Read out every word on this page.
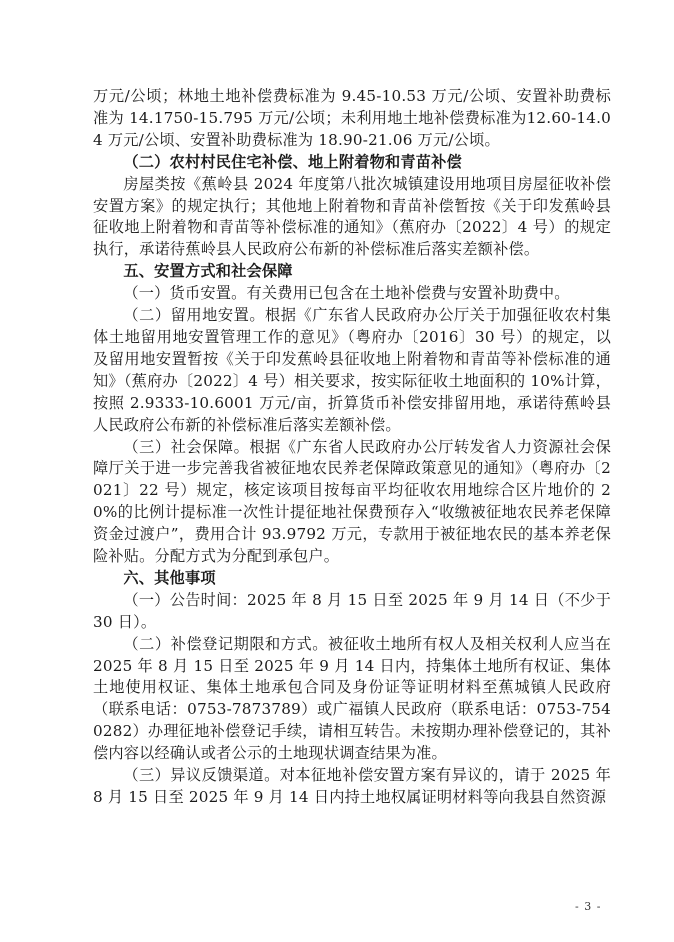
万元/公顷；林地土地补偿费标准为 9.45-10.53 万元/公顷、安置补助费标准为 14.1750-15.795 万元/公顷；未利用地土地补偿费标准为12.60-14.04 万元/公顷、安置补助费标准为 18.90-21.06 万元/公顷。

（二）农村村民住宅补偿、地上附着物和青苗补偿

房屋类按《蕉岭县 2024 年度第八批次城镇建设用地项目房屋征收补偿安置方案》的规定执行；其他地上附着物和青苗补偿暂按《关于印发蕉岭县征收地上附着物和青苗等补偿标准的通知》（蕉府办〔2022〕4 号）的规定执行，承诺待蕉岭县人民政府公布新的补偿标准后落实差额补偿。

五、安置方式和社会保障

（一）货币安置。有关费用已包含在土地补偿费与安置补助费中。

（二）留用地安置。根据《广东省人民政府办公厅关于加强征收农村集体土地留用地安置管理工作的意见》（粤府办〔2016〕30 号）的规定，以及留用地安置暂按《关于印发蕉岭县征收地上附着物和青苗等补偿标准的通知》（蕉府办〔2022〕4 号）相关要求，按实际征收土地面积的 10%计算，按照 2.9333-10.6001 万元/亩，折算货币补偿安排留用地，承诺待蕉岭县人民政府公布新的补偿标准后落实差额补偿。

（三）社会保障。根据《广东省人民政府办公厅转发省人力资源社会保障厅关于进一步完善我省被征地农民养老保障政策意见的通知》（粤府办〔2021〕22 号）规定，核定该项目按每亩平均征收农用地综合区片地价的 20%的比例计提标准一次性计提征地社保费预存入“收缴被征地农民养老保障资金过渡户”，费用合计 93.9792 万元，专款用于被征地农民的基本养老保险补贴。分配方式为分配到承包户。

六、其他事项

（一）公告时间：2025 年 8 月 15 日至 2025 年 9 月 14 日（不少于 30 日）。

（二）补偿登记期限和方式。被征收土地所有权人及相关权利人应当在 2025 年 8 月 15 日至 2025 年 9 月 14 日内，持集体土地所有权证、集体土地使用权证、集体土地承包合同及身份证等证明材料至蕉城镇人民政府（联系电话：0753-7873789）或广福镇人民政府（联系电话：0753-7540282）办理征地补偿登记手续，请相互转告。未按期办理补偿登记的，其补偿内容以经确认或者公示的土地现状调查结果为准。

（三）异议反馈渠道。对本征地补偿安置方案有异议的，请于 2025 年 8 月 15 日至 2025 年 9 月 14 日内持土地权属证明材料等向我县自然资源

- 3 -
